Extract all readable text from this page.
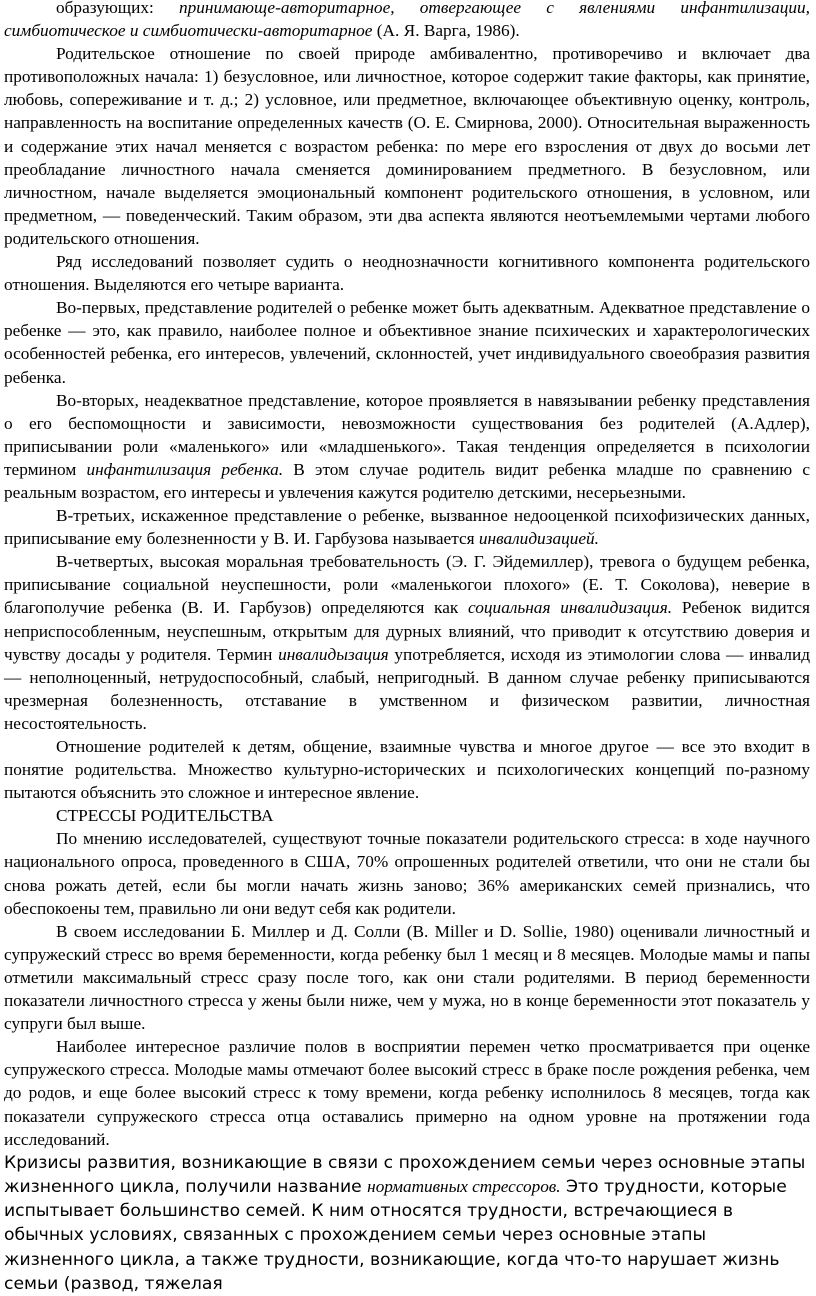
образующих: принимающе-авторитарное, отвергающее с явлениями инфантилизации, симбиотическое и симбиотически-авторитарное (А. Я. Варга, 1986).

Родительское отношение по своей природе амбивалентно, противоречиво и включает два противоположных начала: 1) безусловное, или личностное, которое содержит такие факторы, как принятие, любовь, сопереживание и т. д.; 2) условное, или предметное, включающее объективную оценку, контроль, направленность на воспитание определенных качеств (О. Е. Смирнова, 2000). Относительная выраженность и содержание этих начал меняется с возрастом ребенка: по мере его взросления от двух до восьми лет преобладание личностного начала сменяется доминированием предметного. В безусловном, или личностном, начале выделяется эмоциональный компонент родительского отношения, в условном, или предметном, — поведенческий. Таким образом, эти два аспекта являются неотъемлемыми чертами любого родительского отношения.

Ряд исследований позволяет судить о неоднозначности когнитивного компонента родительского отношения. Выделяются его четыре варианта.

Во-первых, представление родителей о ребенке может быть адекватным. Адекватное представление о ребенке — это, как правило, наиболее полное и объективное знание психических и характерологических особенностей ребенка, его интересов, увлечений, склонностей, учет индивидуального своеобразия развития ребенка.

Во-вторых, неадекватное представление, которое проявляется в навязывании ребенку представления о его беспомощности и зависимости, невозможности существования без родителей (А.Адлер), приписывании роли «маленького» или «младшенького». Такая тенденция определяется в психологии термином инфантилизация ребенка. В этом случае родитель видит ребенка младше по сравнению с реальным возрастом, его интересы и увлечения кажутся родителю детскими, несерьезными.

В-третьих, искаженное представление о ребенке, вызванное недооценкой психофизических данных, приписывание ему болезненности у В. И. Гарбузова называется инвалидизацией.

В-четвертых, высокая моральная требовательность (Э. Г. Эйдемиллер), тревога о будущем ребенка, приписывание социальной неуспешности, роли «маленькогои плохого» (Е. Т. Соколова), неверие в благополучие ребенка (В. И. Гарбузов) определяются как социальная инвалидизация. Ребенок видится неприспособленным, неуспешным, открытым для дурных влияний, что приводит к отсутствию доверия и чувству досады у родителя. Термин инвалидызация употребляется, исходя из этимологии слова — инвалид — неполноценный, нетрудоспособный, слабый, непригодный. В данном случае ребенку приписываются чрезмерная болезненность, отставание в умственном и физическом развитии, личностная несостоятельность.

Отношение родителей к детям, общение, взаимные чувства и многое другое — все это входит в понятие родительства. Множество культурно-исторических и психологических концепций по-разному пытаются объяснить это сложное и интересное явление.

СТРЕССЫ РОДИТЕЛЬСТВА

По мнению исследователей, существуют точные показатели родительского стресса: в ходе научного национального опроса, проведенного в США, 70% опрошенных родителей ответили, что они не стали бы снова рожать детей, если бы могли начать жизнь заново; 36% американских семей признались, что обеспокоены тем, правильно ли они ведут себя как родители.

В своем исследовании Б. Миллер и Д. Солли (B. Miller и D. Sollie, 1980) оценивали личностный и супружеский стресс во время беременности, когда ребенку был 1 месяц и 8 месяцев. Молодые мамы и папы отметили максимальный стресс сразу после того, как они стали родителями. В период беременности показатели личностного стресса у жены были ниже, чем у мужа, но в конце беременности этот показатель у супруги был выше.

Наиболее интересное различие полов в восприятии перемен четко просматривается при оценке супружеского стресса. Молодые мамы отмечают более высокий стресс в браке после рождения ребенка, чем до родов, и еще более высокий стресс к тому времени, когда ребенку исполнилось 8 месяцев, тогда как показатели супружеского стресса отца оставались примерно на одном уровне на протяжении года исследований.

Кризисы развития, возникающие в связи с прохождением семьи через основные этапы жизненного цикла, получили название нормативных стрессоров. Это трудности, которые испытывает большинство семей. К ним относятся трудности, встречающиеся в обычных условиях, связанных с прохождением семьи через основные этапы жизненного цикла, а также трудности, возникающие, когда что-то нарушает жизнь семьи (развод, тяжелая
